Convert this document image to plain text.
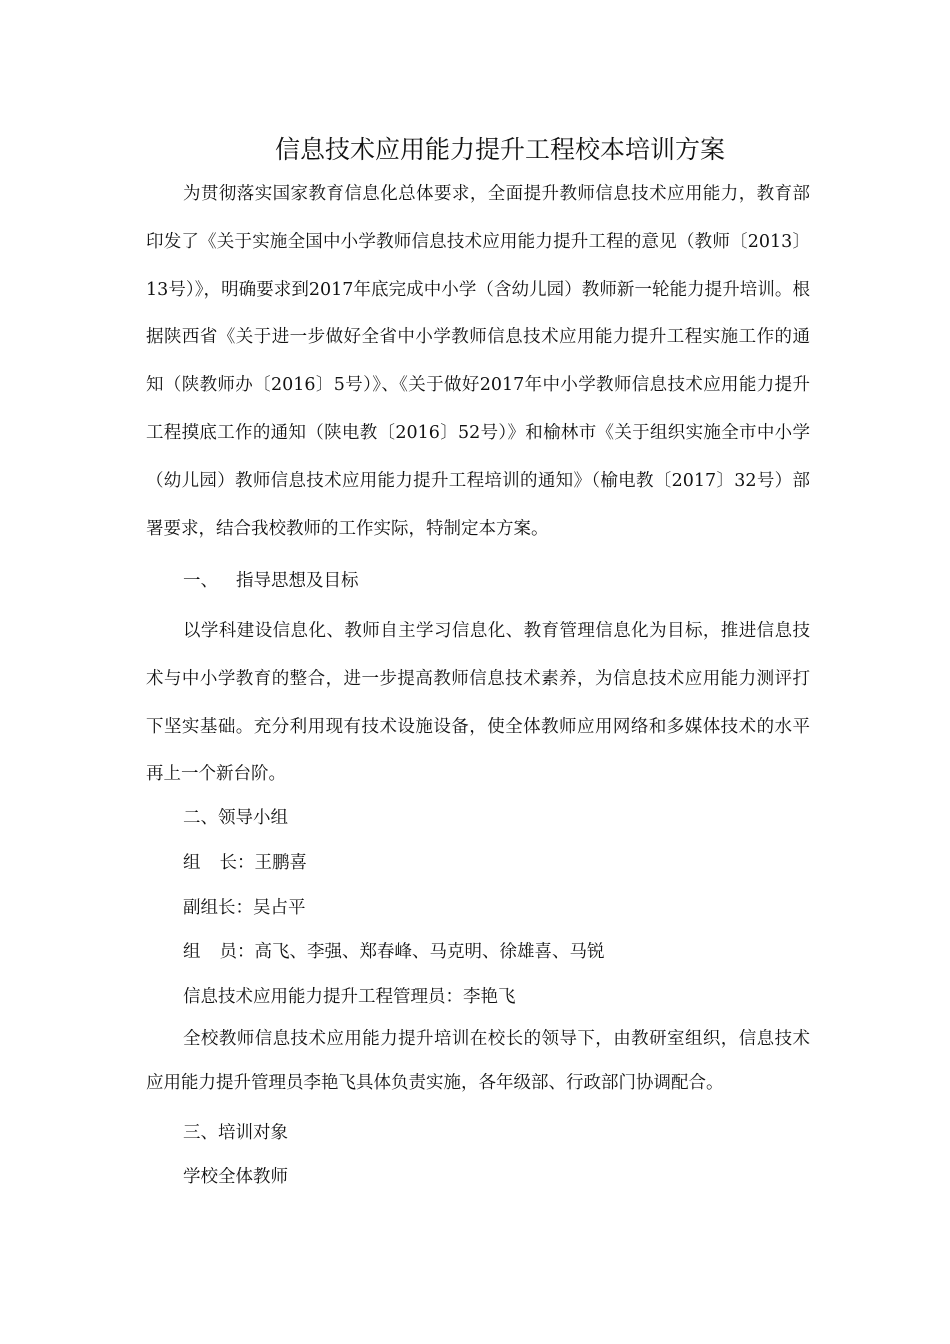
信息技术应用能力提升工程校本培训方案

为贯彻落实国家教育信息化总体要求，全面提升教师信息技术应用能力，教育部印发了《关于实施全国中小学教师信息技术应用能力提升工程的意见（教师〔2013〕13号）》，明确要求到2017年底完成中小学（含幼儿园）教师新一轮能力提升培训。根据陕西省《关于进一步做好全省中小学教师信息技术应用能力提升工程实施工作的通知（陕教师办〔2016〕5号）》、《关于做好2017年中小学教师信息技术应用能力提升工程摸底工作的通知（陕电教〔2016〕52号）》和榆林市《关于组织实施全市中小学（幼儿园）教师信息技术应用能力提升工程培训的通知》（榆电教〔2017〕32号）部署要求，结合我校教师的工作实际，特制定本方案。

一、 指导思想及目标

以学科建设信息化、教师自主学习信息化、教育管理信息化为目标，推进信息技术与中小学教育的整合，进一步提高教师信息技术素养，为信息技术应用能力测评打下坚实基础。充分利用现有技术设施设备，使全体教师应用网络和多媒体技术的水平再上一个新台阶。

二、领导小组

组 长：王鹏喜

副组长：吴占平

组 员：高飞、李强、郑春峰、马克明、徐雄喜、马锐

信息技术应用能力提升工程管理员：李艳飞

全校教师信息技术应用能力提升培训在校长的领导下，由教研室组织，信息技术应用能力提升管理员李艳飞具体负责实施，各年级部、行政部门协调配合。

三、培训对象

学校全体教师
